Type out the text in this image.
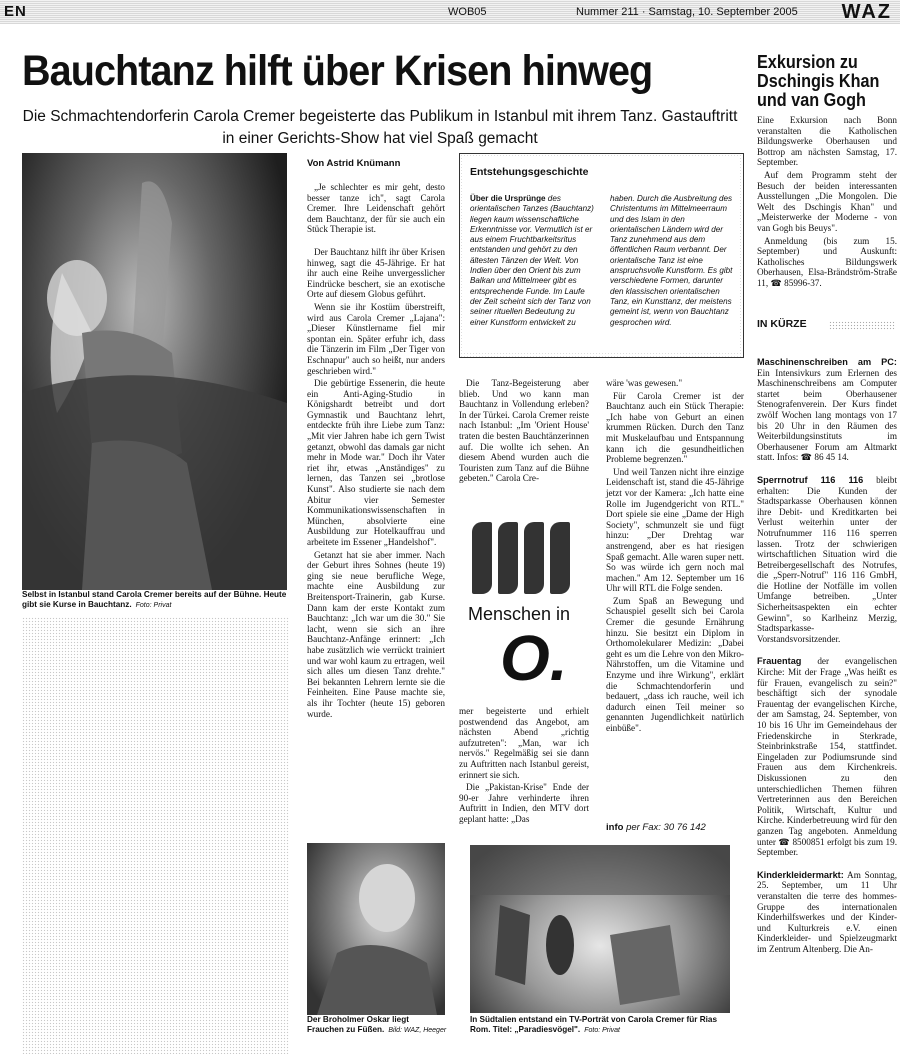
EN	WOB05	Nummer 211 · Samstag, 10. September 2005 WAZ
Bauchtanz hilft über Krisen hinweg

Die Schmachtendorferin Carola Cremer begeisterte das Publikum in Istanbul mit ihrem Tanz. Gastauftritt in einer Gerichts-Show hat viel Spaß gemacht

Selbst in Istanbul stand Carola Cremer bereits auf der Bühne. Heute gibt sie Kurse in Bauchtanz. Foto: Privat
Von Astrid Knümann

„Je schlechter es mir geht, desto besser tanze ich", sagt Carola Cremer. Ihre Leidenschaft gehört dem Bauchtanz, der für sie auch ein Stück Therapie ist.

Der Bauchtanz hilft ihr über Krisen hinweg, sagt die 45-Jährige. Er hat ihr auch eine Reihe unvergesslicher Eindrücke beschert, sie an exotische Orte auf diesem Globus geführt.

Wenn sie ihr Kostüm überstreift, wird aus Carola Cremer „Lajana": „Dieser Künstlername fiel mir spontan ein. Später erfuhr ich, dass die Tänzerin im Film „Der Tiger von Eschnapur" auch so heißt, nur anders geschrieben wird."

Die gebürtige Essenerin, die heute ein Anti-Aging-Studio in Königshardt betreibt und dort Gymnastik und Bauchtanz lehrt, entdeckte früh ihre Liebe zum Tanz: „Mit vier Jahren habe ich gern Twist getanzt, obwohl das damals gar nicht mehr in Mode war." Doch ihr Vater riet ihr, etwas „Anständiges" zu lernen, das Tanzen sei „brotlose Kunst". Also studierte sie nach dem Abitur vier Semester Kommunikationswissenschaften in München, absolvierte eine Ausbildung zur Hotelkauffrau und arbeitete im Essener „Handelshof".

Getanzt hat sie aber immer. Nach der Geburt ihres Sohnes (heute 19) ging sie neue berufliche Wege, machte eine Ausbildung zur Breitensport-Trainerin, gab Kurse. Dann kam der erste Kontakt zum Bauchtanz: „Ich war um die 30." Sie lacht, wenn sie sich an ihre Bauchtanz-Anfänge erinnert: „Ich habe zusätzlich wie verrückt trainiert und war wohl kaum zu ertragen, weil sich alles um diesen Tanz drehte." Bei bekannten Lehrern lernte sie die Feinheiten. Eine Pause machte sie, als ihr Tochter (heute 15) geboren wurde.

Entstehungsgeschichte
Über die Ursprünge des orientalischen Tanzes (Bauchtanz) liegen kaum wissenschaftliche Erkenntnisse vor. Vermutlich ist er aus einem Fruchtbarkeitsritus entstanden und gehört zu den ältesten Tänzen der Welt. Von Indien über den Orient bis zum Balkan und Mittelmeer gibt es entsprechende Funde. Im Laufe der Zeit scheint sich der Tanz von seiner rituellen Bedeutung zu einer Kunstform entwickelt zu
haben. Durch die Ausbreitung des Christentums im Mittelmeerraum und des Islam in den orientalischen Ländern wird der Tanz zunehmend aus dem öffentlichen Raum verbannt. Der orientalische Tanz ist eine anspruchsvolle Kunstform. Es gibt verschiedene Formen, darunter den klassischen orientalischen Tanz, ein Kunsttanz, der meistens gemeint ist, wenn von Bauchtanz gesprochen wird.

Die Tanz-Begeisterung aber blieb. Und wo kann man Bauchtanz in Vollendung erleben? In der Türkei. Carola Cremer reiste nach Istanbul: „Im 'Orient House' traten die besten Bauchtänzerinnen auf. Die wollte ich sehen. An diesem Abend wurden auch die Touristen zum Tanz auf die Bühne gebeten." Carola Cre-

Menschen in
O.

mer begeisterte und erhielt postwendend das Angebot, am nächsten Abend „richtig aufzutreten": „Man, war ich nervös." Regelmäßig sei sie dann zu Auftritten nach Istanbul gereist, erinnert sie sich.

Die „Pakistan-Krise" Ende der 90-er Jahre verhinderte ihren Auftritt in Indien, den MTV dort geplant hatte: „Das

wäre 'was gewesen."

Für Carola Cremer ist der Bauchtanz auch ein Stück Therapie: „Ich habe von Geburt an einen krummen Rücken. Durch den Tanz mit Muskelaufbau und Entspannung kann ich die gesundheitlichen Probleme begrenzen."

Und weil Tanzen nicht ihre einzige Leidenschaft ist, stand die 45-Jährige jetzt vor der Kamera: „Ich hatte eine Rolle im Jugendgericht von RTL." Dort spiele sie eine „Dame der High Society", schmunzelt sie und fügt hinzu: „Der Drehtag war anstrengend, aber es hat riesigen Spaß gemacht. Alle waren super nett. So was würde ich gern noch mal machen." Am 12. September um 16 Uhr will RTL die Folge senden.

Zum Spaß an Bewegung und Schauspiel gesellt sich bei Carola Cremer die gesunde Ernährung hinzu. Sie besitzt ein Diplom in Orthomolekularer Medizin: „Dabei geht es um die Lehre von den Mikro-Nährstoffen, um die Vitamine und Enzyme und ihre Wirkung", erklärt die Schmachtendorferin und bedauert, „dass ich rauche, weil ich dadurch einen Teil meiner so genannten Jugendlichkeit natürlich einbüße".

info per Fax: 30 76 142
Der Broholmer Oskar liegt Frauchen zu Füßen. Bild: WAZ, Heeger
In Südtalien entstand ein TV-Porträt von Carola Cremer für Rias Rom. Titel: „Paradiesvögel". Foto: Privat
Exkursion zu Dschingis Khan und van Gogh

Eine Exkursion nach Bonn veranstalten die Katholischen Bildungswerke Oberhausen und Bottrop am nächsten Samstag, 17. September.

Auf dem Programm steht der Besuch der beiden interessanten Ausstellungen „Die Mongolen. Die Welt des Dschingis Khan" und „Meisterwerke der Moderne - von van Gogh bis Beuys".

Anmeldung (bis zum 15. September) und Auskunft: Katholisches Bildungswerk Oberhausen, Elsa-Brändström-Straße 11, ☎ 85996-37.

IN KÜRZE

Maschinenschreiben am PC: Ein Intensivkurs zum Erlernen des Maschinenschreibens am Computer startet beim Oberhausener Stenografenverein. Der Kurs findet zwölf Wochen lang montags von 17 bis 20 Uhr in den Räumen des Weiterbildungsinstituts im Oberhausener Forum am Altmarkt statt. Infos: ☎ 86 45 14.

Sperrnotruf 116 116 bleibt erhalten: Die Kunden der Stadtsparkasse Oberhausen können ihre Debit- und Kreditkarten bei Verlust weiterhin unter der Notrufnummer 116 116 sperren lassen. Trotz der schwierigen wirtschaftlichen Situation wird die Betreibergesellschaft des Notrufes, die „Sperr-Notruf" 116 116 GmbH, die Hotline der Notfälle im vollen Umfange betreiben. „Unter Sicherheitsaspekten ein echter Gewinn", so Karlheinz Merzig, Stadtsparkasse-Vorstandsvorsitzender.

Frauentag der evangelischen Kirche: Mit der Frage „Was heißt es für Frauen, evangelisch zu sein?" beschäftigt sich der synodale Frauentag der evangelischen Kirche, der am Samstag, 24. September, von 10 bis 16 Uhr im Gemeindehaus der Friedenskirche in Sterkrade, Steinbrinkstraße 154, stattfindet. Eingeladen zur Podiumsrunde sind Frauen aus dem Kirchenkreis. Diskussionen zu den unterschiedlichen Themen führen Vertreterinnen aus den Bereichen Politik, Wirtschaft, Kultur und Kirche. Kinderbetreuung wird für den ganzen Tag angeboten. Anmeldung unter ☎ 8500851 erfolgt bis zum 19. September.

Kinderkleidermarkt: Am Sonntag, 25. September, um 11 Uhr veranstalten die terre des hommes-Gruppe des internationalen Kinderhilfswerkes und der Kinder- und Kulturkreis e.V. einen Kinderkleider- und Spielzeugmarkt im Zentrum Altenberg. Die An-
